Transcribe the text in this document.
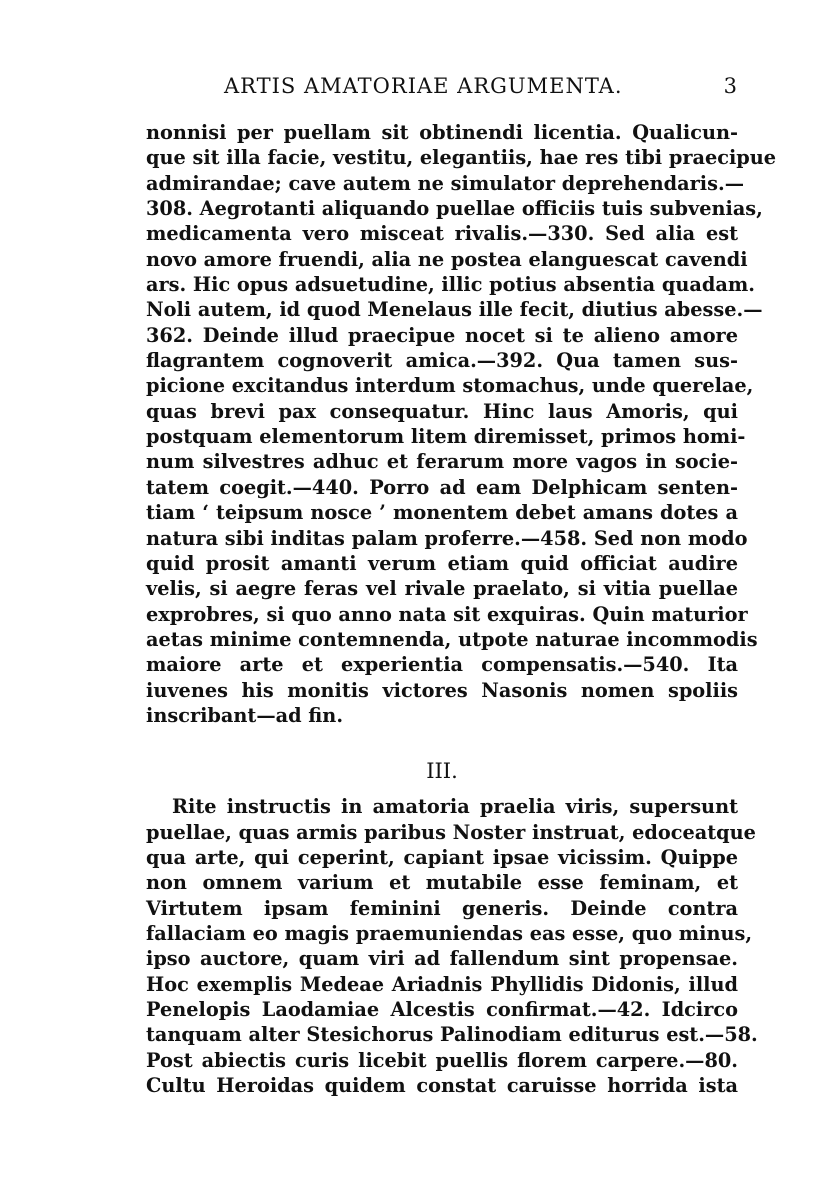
ARTIS AMATORIAE ARGUMENTA.	3
nonnisi per puellam sit obtinendi licentia. Qualicun-
que sit illa facie, vestitu, elegantiis, hae res tibi praecipue
admirandae; cave autem ne simulator deprehendaris.—
308. Aegrotanti aliquando puellae officiis tuis subvenias,
medicamenta vero misceat rivalis.—330. Sed alia est
novo amore fruendi, alia ne postea elanguescat cavendi
ars. Hic opus adsuetudine, illic potius absentia quadam.
Noli autem, id quod Menelaus ille fecit, diutius abesse.—
362. Deinde illud praecipue nocet si te alieno amore
flagrantem cognoverit amica.—392. Qua tamen sus-
picione excitandus interdum stomachus, unde querelae,
quas brevi pax consequatur. Hinc laus Amoris, qui
postquam elementorum litem diremisset, primos homi-
num silvestres adhuc et ferarum more vagos in socie-
tatem coegit.—440. Porro ad eam Delphicam senten-
tiam ‘ teipsum nosce ’ monentem debet amans dotes a
natura sibi inditas palam proferre.—458. Sed non modo
quid prosit amanti verum etiam quid officiat audire
velis, si aegre feras vel rivale praelato, si vitia puellae
exprobres, si quo anno nata sit exquiras. Quin maturior
aetas minime contemnenda, utpote naturae incommodis
maiore arte et experientia compensatis.—540. Ita
iuvenes his monitis victores Nasonis nomen spoliis
inscribant—ad fin.
III.
Rite instructis in amatoria praelia viris, supersunt
puellae, quas armis paribus Noster instruat, edoceatque
qua arte, qui ceperint, capiant ipsae vicissim. Quippe
non omnem varium et mutabile esse feminam, et
Virtutem ipsam feminini generis. Deinde contra
fallaciam eo magis praemuniendas eas esse, quo minus,
ipso auctore, quam viri ad fallendum sint propensae.
Hoc exemplis Medeae Ariadnis Phyllidis Didonis, illud
Penelopis Laodamiae Alcestis confirmat.—42. Idcirco
tanquam alter Stesichorus Palinodiam editurus est.—58.
Post abiectis curis licebit puellis florem carpere.—80.
Cultu Heroidas quidem constat caruisse horrida ista
